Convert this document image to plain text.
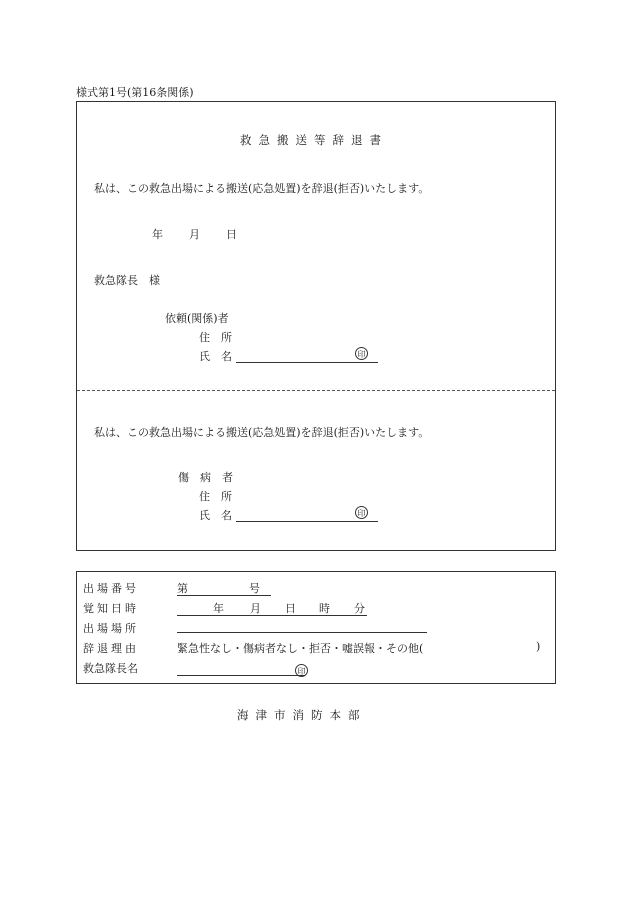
様式第1号(第16条関係)
救急搬送等辞退書
私は、この救急出場による搬送(応急処置)を辞退(拒否)いたします。
年 月 日
救急隊長　様
依頼(関係)者
住　所
氏　名	印
私は、この救急出場による搬送(応急処置)を辞退(拒否)いたします。
傷　病　者
住　所
氏　名	印
出場番号	第	号
覚知日時	年 月 日 時 分
出場場所
辞退理由	緊急性なし・傷病者なし・拒否・嘘誤報・その他(	)
救急隊長名	印
海津市消防本部
